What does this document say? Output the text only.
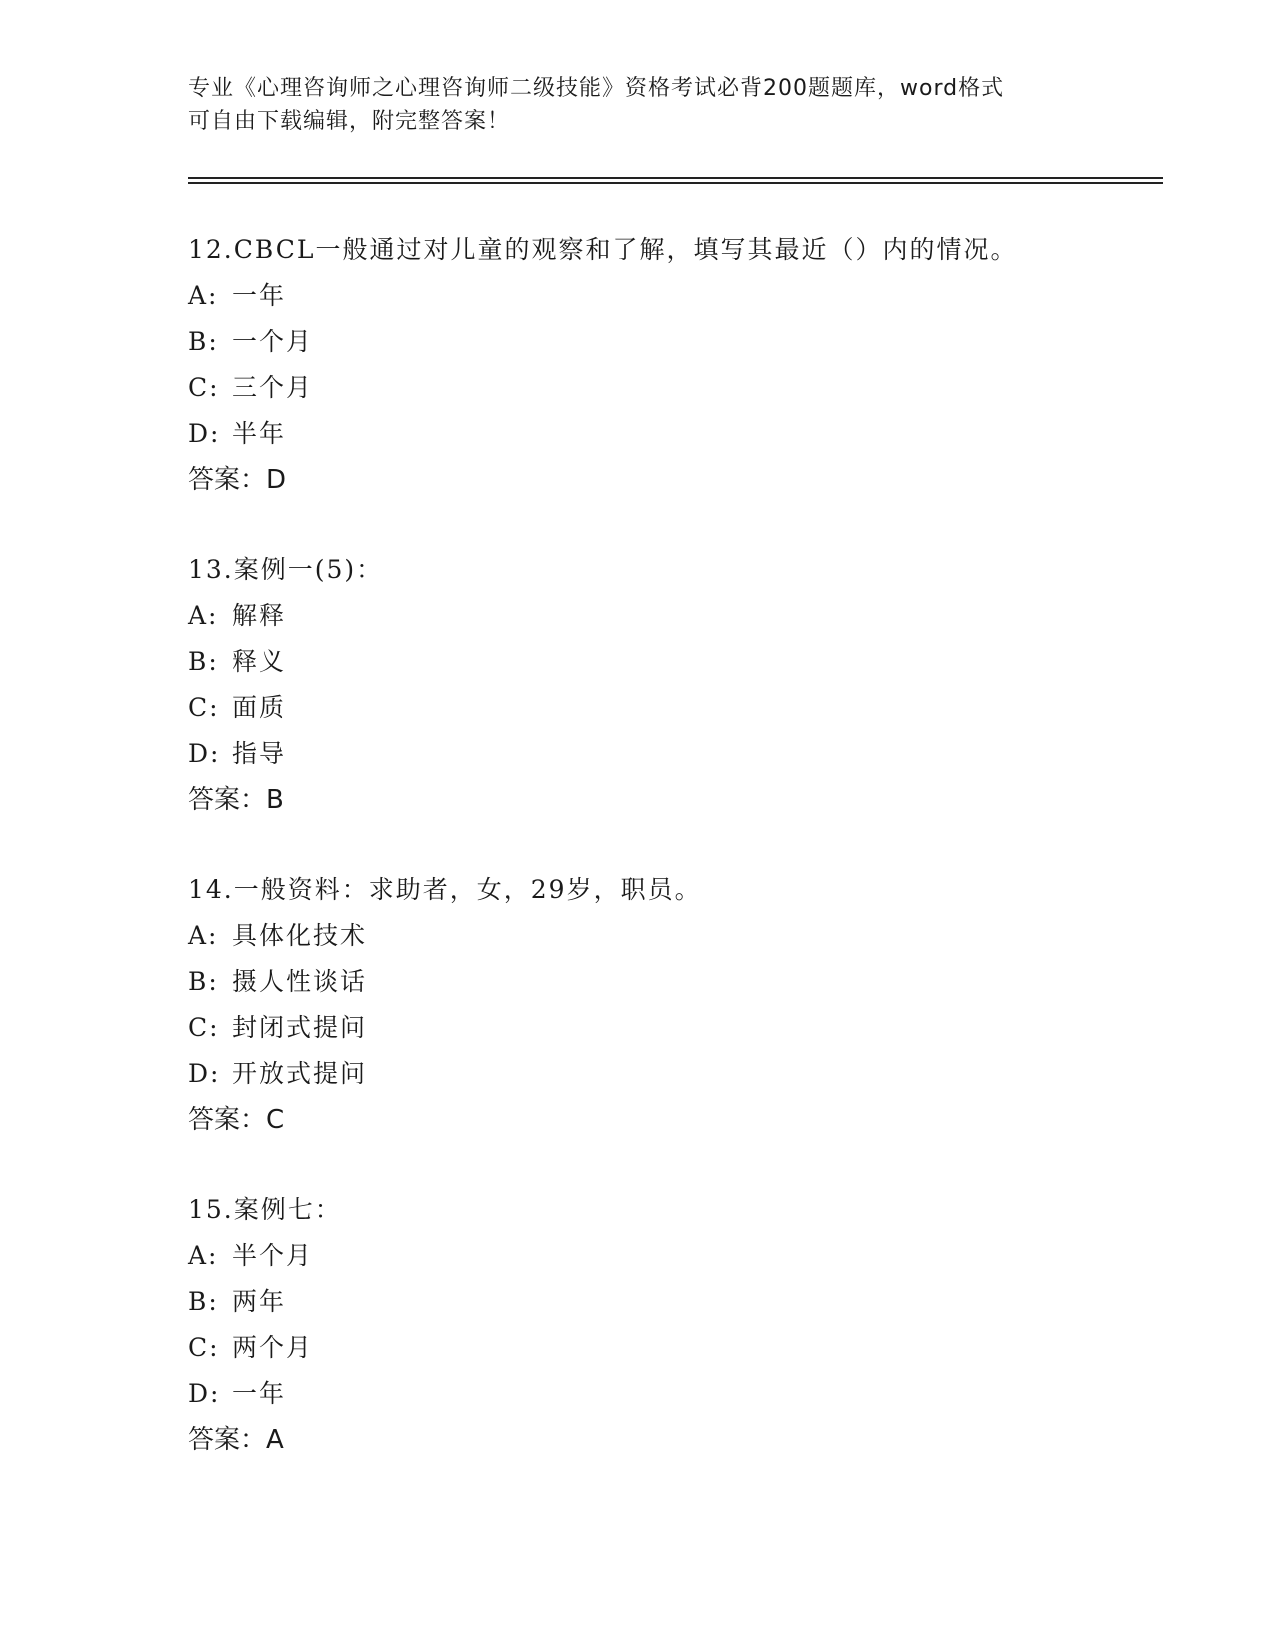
专业《心理咨询师之心理咨询师二级技能》资格考试必背200题题库，word格式
可自由下载编辑，附完整答案！
12.CBCL一般通过对儿童的观察和了解，填写其最近（）内的情况。
A: 一年
B: 一个月
C: 三个月
D: 半年
答案：D
13.案例一(5)：
A: 解释
B: 释义
C: 面质
D: 指导
答案：B
14.一般资料：求助者，女，29岁，职员。
A: 具体化技术
B: 摄人性谈话
C: 封闭式提问
D: 开放式提问
答案：C
15.案例七：
A: 半个月
B: 两年
C: 两个月
D: 一年
答案：A
